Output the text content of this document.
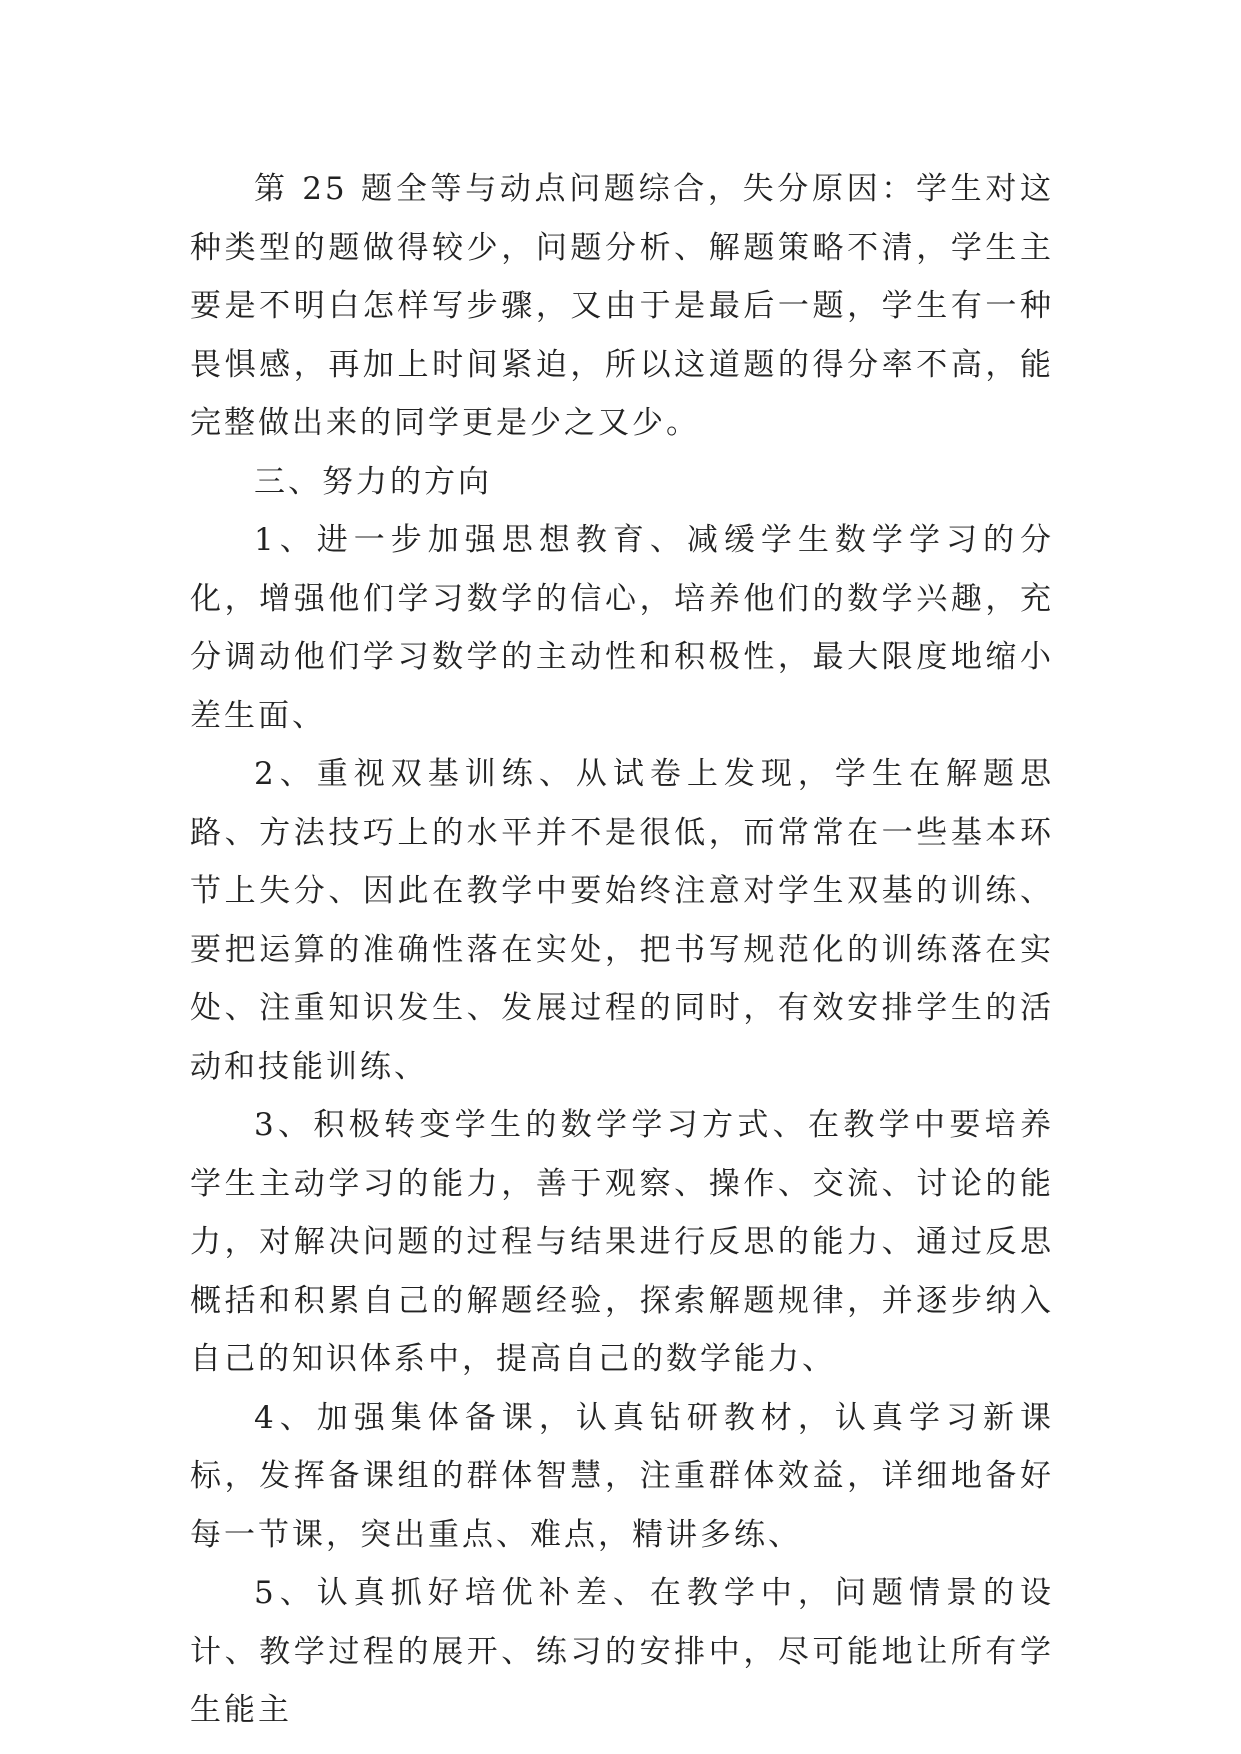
第 25 题全等与动点问题综合，失分原因：学生对这种类型的题做得较少，问题分析、解题策略不清，学生主要是不明白怎样写步骤，又由于是最后一题，学生有一种畏惧感，再加上时间紧迫，所以这道题的得分率不高，能完整做出来的同学更是少之又少。

三、努力的方向

1、进一步加强思想教育、减缓学生数学学习的分化，增强他们学习数学的信心，培养他们的数学兴趣，充分调动他们学习数学的主动性和积极性，最大限度地缩小差生面、

2、重视双基训练、从试卷上发现，学生在解题思路、方法技巧上的水平并不是很低，而常常在一些基本环节上失分、因此在教学中要始终注意对学生双基的训练、要把运算的准确性落在实处，把书写规范化的训练落在实处、注重知识发生、发展过程的同时，有效安排学生的活动和技能训练、

3、积极转变学生的数学学习方式、在教学中要培养学生主动学习的能力，善于观察、操作、交流、讨论的能力，对解决问题的过程与结果进行反思的能力、通过反思概括和积累自己的解题经验，探索解题规律，并逐步纳入自己的知识体系中，提高自己的数学能力、

4、加强集体备课，认真钻研教材，认真学习新课标，发挥备课组的群体智慧，注重群体效益，详细地备好每一节课，突出重点、难点，精讲多练、

5、认真抓好培优补差、在教学中，问题情景的设计、教学过程的展开、练习的安排中，尽可能地让所有学生能主
